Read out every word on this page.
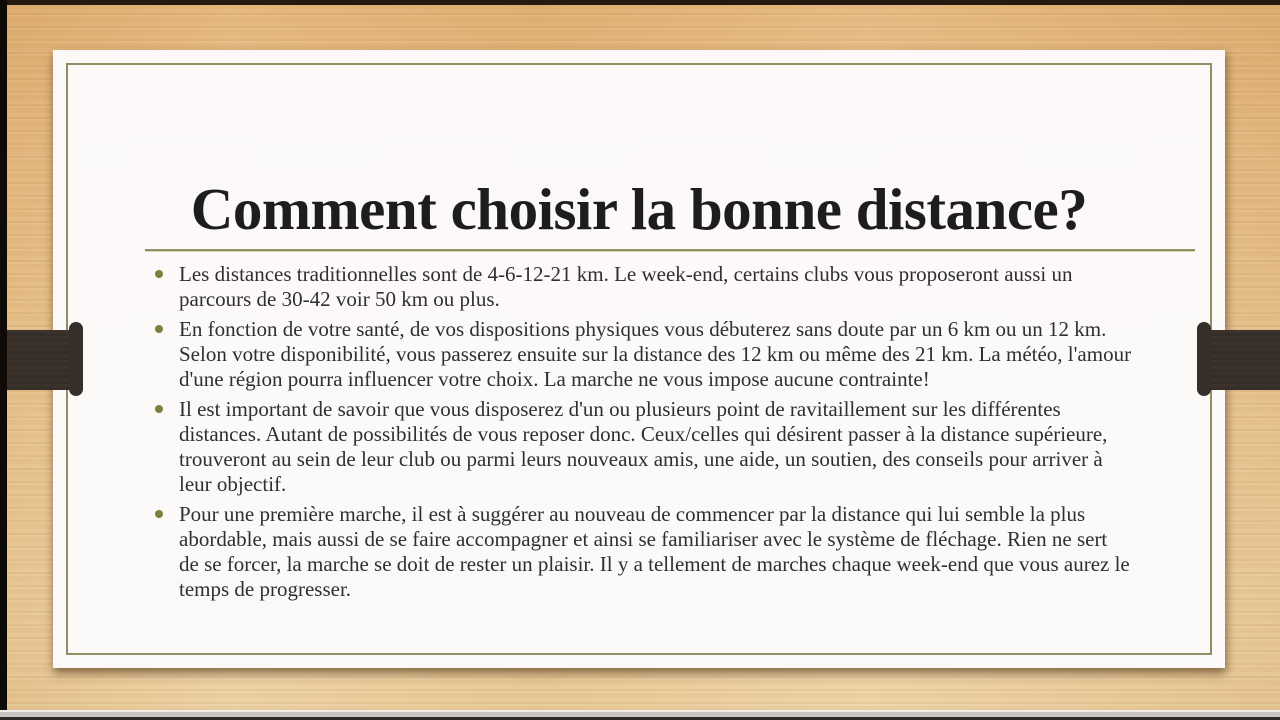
Comment choisir la bonne distance?
Les distances traditionnelles sont de 4-6-12-21 km. Le week-end, certains clubs vous proposeront aussi un parcours de 30-42 voir 50 km ou plus.
En fonction de votre santé, de vos dispositions physiques vous débuterez sans doute par un 6 km ou un 12 km. Selon votre disponibilité, vous passerez ensuite sur la distance des 12 km ou même des 21 km. La météo, l'amour d'une région pourra influencer votre choix. La marche ne vous impose aucune contrainte!
Il est important de savoir que vous disposerez d'un ou plusieurs point de ravitaillement sur les différentes distances. Autant de possibilités de vous reposer donc. Ceux/celles qui désirent passer à la distance supérieure, trouveront au sein de leur club ou parmi leurs nouveaux amis, une aide, un soutien, des conseils pour arriver à leur objectif.
Pour une première marche, il est à suggérer au nouveau de commencer par la distance qui lui semble la plus abordable, mais aussi de se faire accompagner et ainsi se familiariser avec le système de fléchage. Rien ne sert de se forcer, la marche se doit de rester un plaisir. Il y a tellement de marches chaque week-end que vous aurez le temps de progresser.
